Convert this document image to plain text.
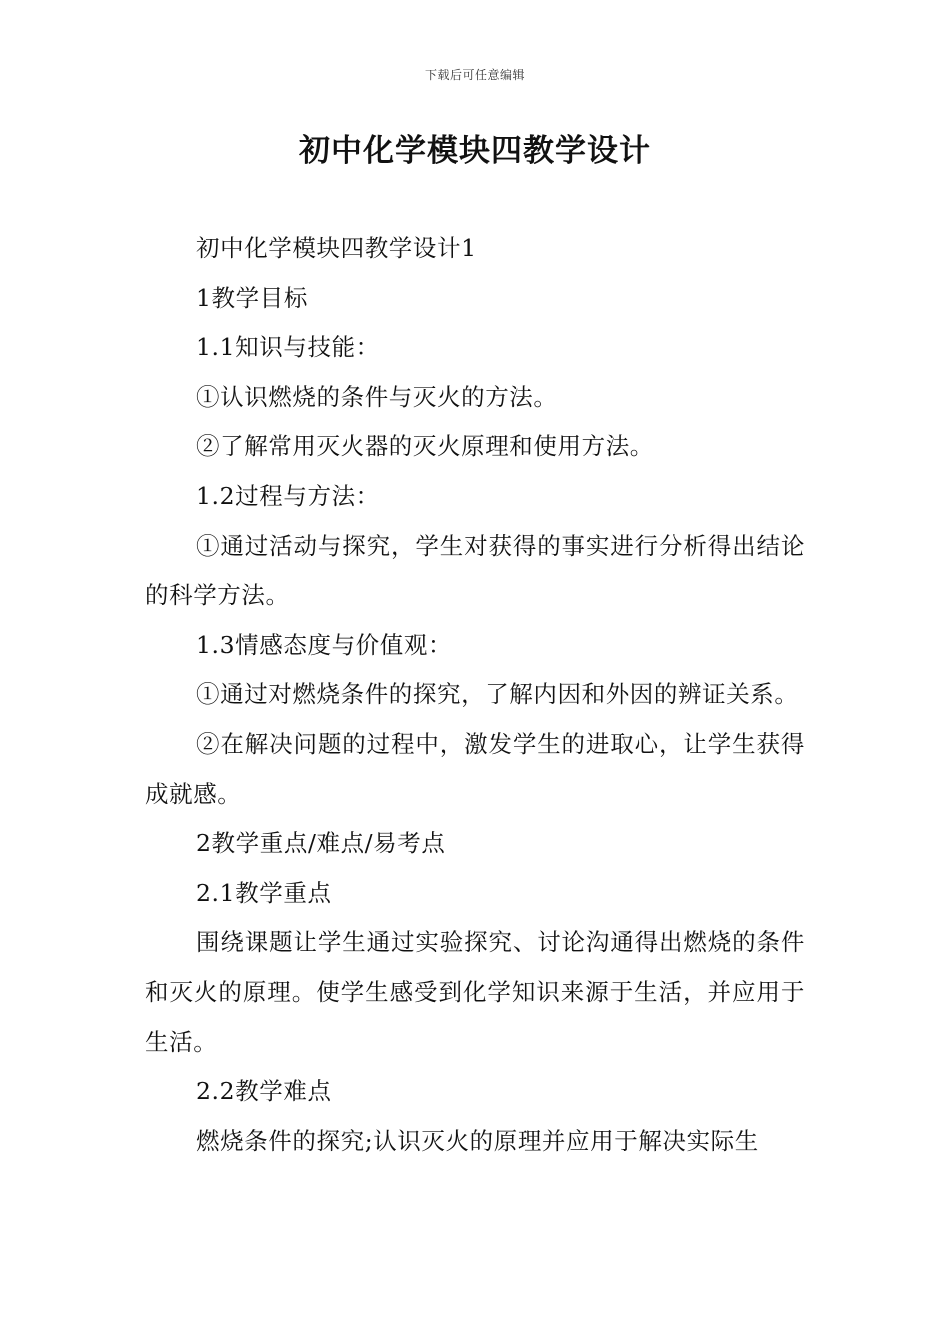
下载后可任意编辑
初中化学模块四教学设计

初中化学模块四教学设计1

1教学目标

1.1知识与技能：

①认识燃烧的条件与灭火的方法。

②了解常用灭火器的灭火原理和使用方法。

1.2过程与方法：

①通过活动与探究，学生对获得的事实进行分析得出结论的科学方法。

1.3情感态度与价值观：

①通过对燃烧条件的探究，了解内因和外因的辨证关系。

②在解决问题的过程中，激发学生的进取心，让学生获得成就感。

2教学重点/难点/易考点

2.1教学重点

围绕课题让学生通过实验探究、讨论沟通得出燃烧的条件和灭火的原理。使学生感受到化学知识来源于生活，并应用于生活。

2.2教学难点

燃烧条件的探究;认识灭火的原理并应用于解决实际生
